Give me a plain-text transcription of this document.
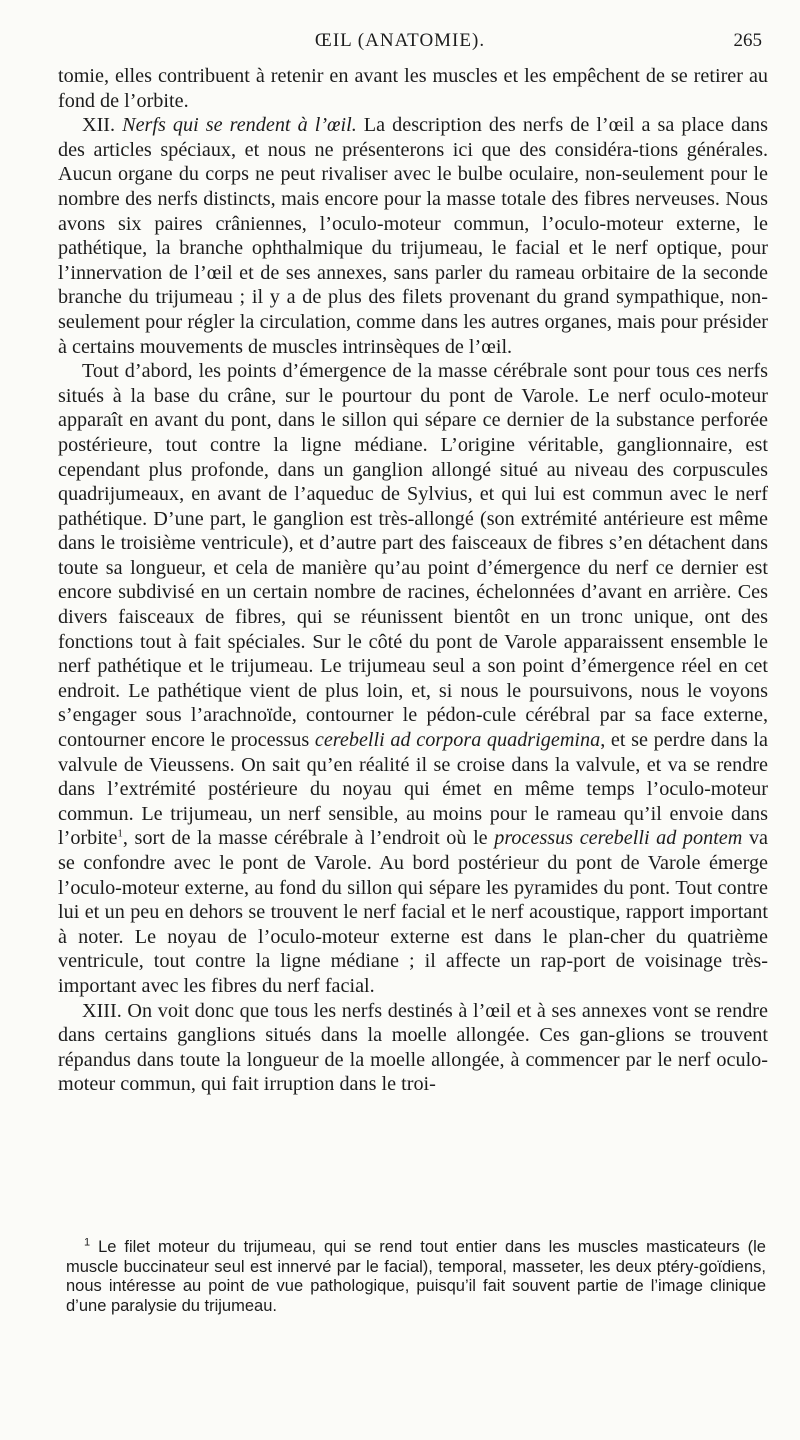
ŒIL (ANATOMIE).	265

tomie, elles contribuent à retenir en avant les muscles et les empêchent de se retirer au fond de l’orbite.

XII. Nerfs qui se rendent à l’œil. La description des nerfs de l’œil a sa place dans des articles spéciaux, et nous ne présenterons ici que des considéra-tions générales. Aucun organe du corps ne peut rivaliser avec le bulbe oculaire, non-seulement pour le nombre des nerfs distincts, mais encore pour la masse totale des fibres nerveuses. Nous avons six paires crâniennes, l’oculo-moteur commun, l’oculo-moteur externe, le pathétique, la branche ophthalmique du trijumeau, le facial et le nerf optique, pour l’innervation de l’œil et de ses annexes, sans parler du rameau orbitaire de la seconde branche du trijumeau ; il y a de plus des filets provenant du grand sympathique, non-seulement pour régler la circulation, comme dans les autres organes, mais pour présider à certains mouvements de muscles intrinsèques de l’œil.

Tout d’abord, les points d’émergence de la masse cérébrale sont pour tous ces nerfs situés à la base du crâne, sur le pourtour du pont de Varole. Le nerf oculo-moteur apparaît en avant du pont, dans le sillon qui sépare ce dernier de la substance perforée postérieure, tout contre la ligne médiane. L’origine véritable, ganglionnaire, est cependant plus profonde, dans un ganglion allongé situé au niveau des corpuscules quadrijumeaux, en avant de l’aqueduc de Sylvius, et qui lui est commun avec le nerf pathétique. D’une part, le ganglion est très-allongé (son extrémité antérieure est même dans le troisième ventricule), et d’autre part des faisceaux de fibres s’en détachent dans toute sa longueur, et cela de manière qu’au point d’émergence du nerf ce dernier est encore subdivisé en un certain nombre de racines, échelonnées d’avant en arrière. Ces divers faisceaux de fibres, qui se réunissent bientôt en un tronc unique, ont des fonctions tout à fait spéciales. Sur le côté du pont de Varole apparaissent ensemble le nerf pathétique et le trijumeau. Le trijumeau seul a son point d’émergence réel en cet endroit. Le pathétique vient de plus loin, et, si nous le poursuivons, nous le voyons s’engager sous l’arachnoïde, contourner le pédon-cule cérébral par sa face externe, contourner encore le processus cerebelli ad corpora quadrigemina, et se perdre dans la valvule de Vieussens. On sait qu’en réalité il se croise dans la valvule, et va se rendre dans l’extrémité postérieure du noyau qui émet en même temps l’oculo-moteur commun. Le trijumeau, un nerf sensible, au moins pour le rameau qu’il envoie dans l’orbite$^1$, sort de la masse cérébrale à l’endroit où le processus cerebelli ad pontem va se confondre avec le pont de Varole. Au bord postérieur du pont de Varole émerge l’oculo-moteur externe, au fond du sillon qui sépare les pyramides du pont. Tout contre lui et un peu en dehors se trouvent le nerf facial et le nerf acoustique, rapport important à noter. Le noyau de l’oculo-moteur externe est dans le plan-cher du quatrième ventricule, tout contre la ligne médiane ; il affecte un rap-port de voisinage très-important avec les fibres du nerf facial.

XIII. On voit donc que tous les nerfs destinés à l’œil et à ses annexes vont se rendre dans certains ganglions situés dans la moelle allongée. Ces gan-glions se trouvent répandus dans toute la longueur de la moelle allongée, à commencer par le nerf oculo-moteur commun, qui fait irruption dans le troi-

$^1$ Le filet moteur du trijumeau, qui se rend tout entier dans les muscles masticateurs (le muscle buccinateur seul est innervé par le facial), temporal, masseter, les deux ptéry-goïdiens, nous intéresse au point de vue pathologique, puisqu’il fait souvent partie de l’image clinique d’une paralysie du trijumeau.
